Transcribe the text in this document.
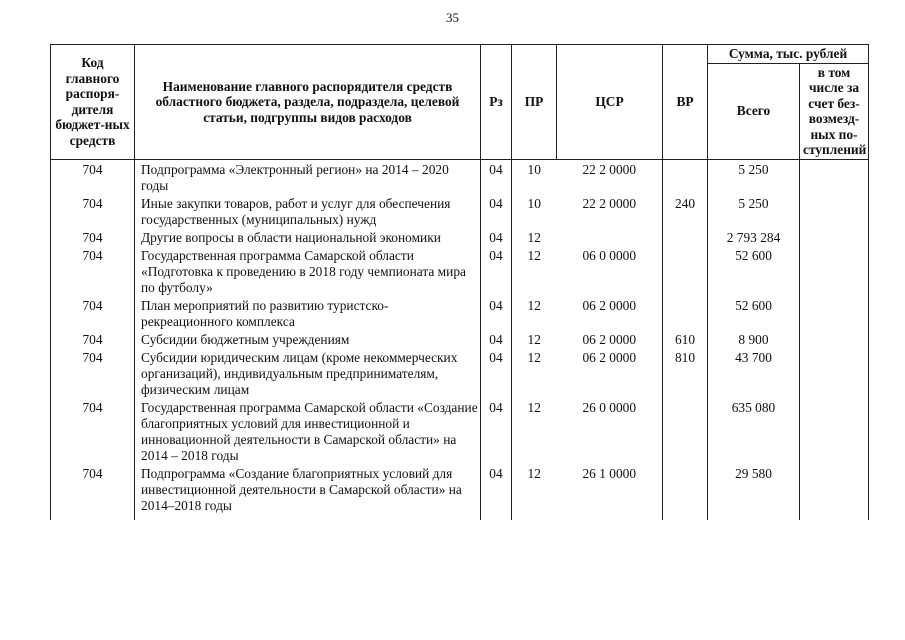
35
Код главного распоря-дителя бюджет-ных средств	Наименование главного распорядителя средств областного бюджета, раздела, подраздела, целевой статьи, подгруппы видов расходов	Рз	ПР	ЦСР	ВР	Сумма, тыс. рублей	
						Всего	в том числе за счет без-возмезд-ных по-ступлений
704	Подпрограмма «Электронный регион» на 2014 – 2020 годы	04	10	22 2 0000		5 250	
704	Иные закупки товаров, работ и услуг для обеспечения государственных (муниципальных) нужд	04	10	22 2 0000	240	5 250	
704	Другие вопросы в области национальной экономики	04	12			2 793 284	
704	Государственная программа Самарской области «Подготовка к проведению в 2018 году чемпионата мира по футболу»	04	12	06 0 0000		52 600	
704	План мероприятий по развитию туристско-рекреационного комплекса	04	12	06 2 0000		52 600	
704	Субсидии бюджетным учреждениям	04	12	06 2 0000	610	8 900	
704	Субсидии юридическим лицам (кроме некоммерческих организаций), индивидуальным предпринимателям, физическим лицам	04	12	06 2 0000	810	43 700	
704	Государственная программа Самарской области «Создание благоприятных условий для инвестиционной и инновационной деятельности в Самарской области» на 2014 – 2018 годы	04	12	26 0 0000		635 080	
704	Подпрограмма «Создание благоприятных условий для инвестиционной деятельности в Самарской области» на 2014–2018 годы	04	12	26 1 0000		29 580	
